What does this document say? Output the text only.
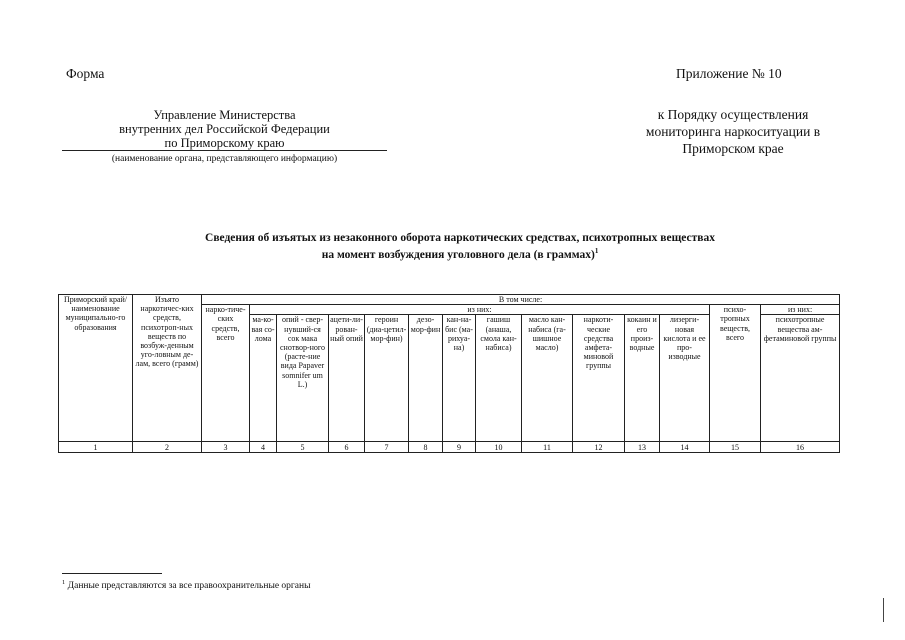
Форма	Приложение № 10
Управление Министерства
внутренних дел Российской Федерации
по Приморскому краю
(наименование органа, представляющего информацию)
к Порядку осуществления
мониторинга наркоситуации в
Приморском крае
Сведения об изъятых из незаконного оборота наркотических средствах, психотропных веществах
на момент возбуждения уголовного дела (в граммах)$^1$
Приморский край/ наименование муниципально-го образования	Изъято наркотичес-ких средств, психотроп-ных веществ по возбуж-денным уго-ловным де-лам, всего (грамм)	В том числе:													
		нарко-тиче-ских средств, всего	из них:											психо-тропных веществ, всего	из них:
			ма-ко-вая со-лома	опий - свер-нувший-ся сок мака снотвор-ного (расте-ние вида Papaver somnifer um L.)	ацети-ли-рован-ный опий	героин (диа-цетил-мор-фин)	дезо-мор-фин	кан-на-бис (ма-рихуа-на)	гашиш (анаша, смола кан-набиса)	масло кан-набиса (га-шишное масло)	наркоти-ческие средства амфета-миновой группы	кокаин и его произ-водные	лизерги-новая кислота и ее про-изводные		психотропные вещества ам-фетаминовой группы
1	2	3	4	5	6	7	8	9	10	11	12	13	14	15	16
$^1$ Данные представляются за все правоохранительные органы
